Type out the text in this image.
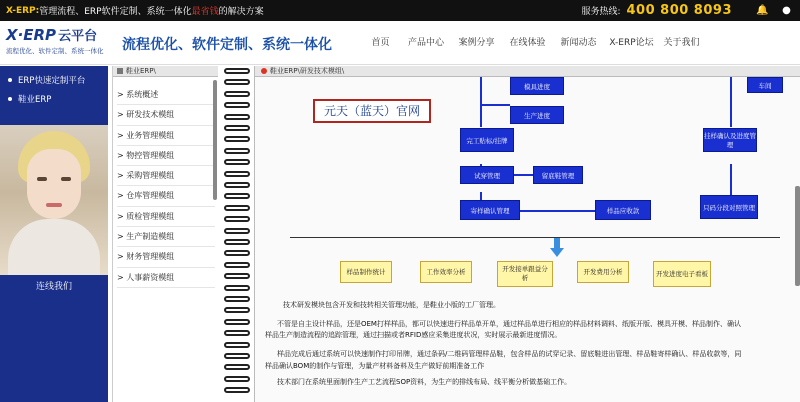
X-ERP: 管理流程、ERP软件定制、系统一体化 最省钱 的解决方案	服务热线: 400 800 8093 🔔 ●
X·ERP 云平台
流程优化、软件定制、系统一体化	流程优化、软件定制、系统一体化	首页	产品中心	案例分享	在线体验	新闻动态	X-ERP论坛	关于我们
ERP快速定制平台
鞋业ERP
连线我们
鞋业ERP\
> 系统概述
> 研发技术模组
> 业务管理模组
> 物控管理模组
> 采购管理模组
> 仓库管理模组
> 质检管理模组
> 生产制造模组
> 财务管理模组
> 人事薪资模组
鞋业ERP\研发技术模组\
元天（蓝天）官网
模具进度
生产进度
完工贴标/挂牌
试穿管理	留底鞋管理
寄样确认管理	样品应收款
车间
挂样确认及进度管理
只码分段对照管理
样品制作统计	工作效率分析	开发接单跟益分析
开发费用分析	开发进度电子看板
技术研发模块包含开发和技转相关管理功能，是鞋业小版的工厂管理。
不管是自主设计样品，还是OEM打样样品，都可以快速进行样品单开单，通过样品单进行相应的样品材料调料、纸版开版、模具开模、样品制作、确认
样品生产制造流程的追踪管理，通过扫描或者RFID感应采集进度状况，实时展示最新进度情况。
样品完成后通过系统可以快速制作打印吊牌，通过条码/二维码管理样品鞋，包含样品的试穿记录、留底鞋进出管理、样品鞋寄样确认、样品收款等，同
样品确认BOM的制作与管理，为量产材料备料及生产做好前期准备工作
技术部门在系统里面制作生产工艺流程SOP资料，为生产的排线布局、线平衡分析做基础工作。
